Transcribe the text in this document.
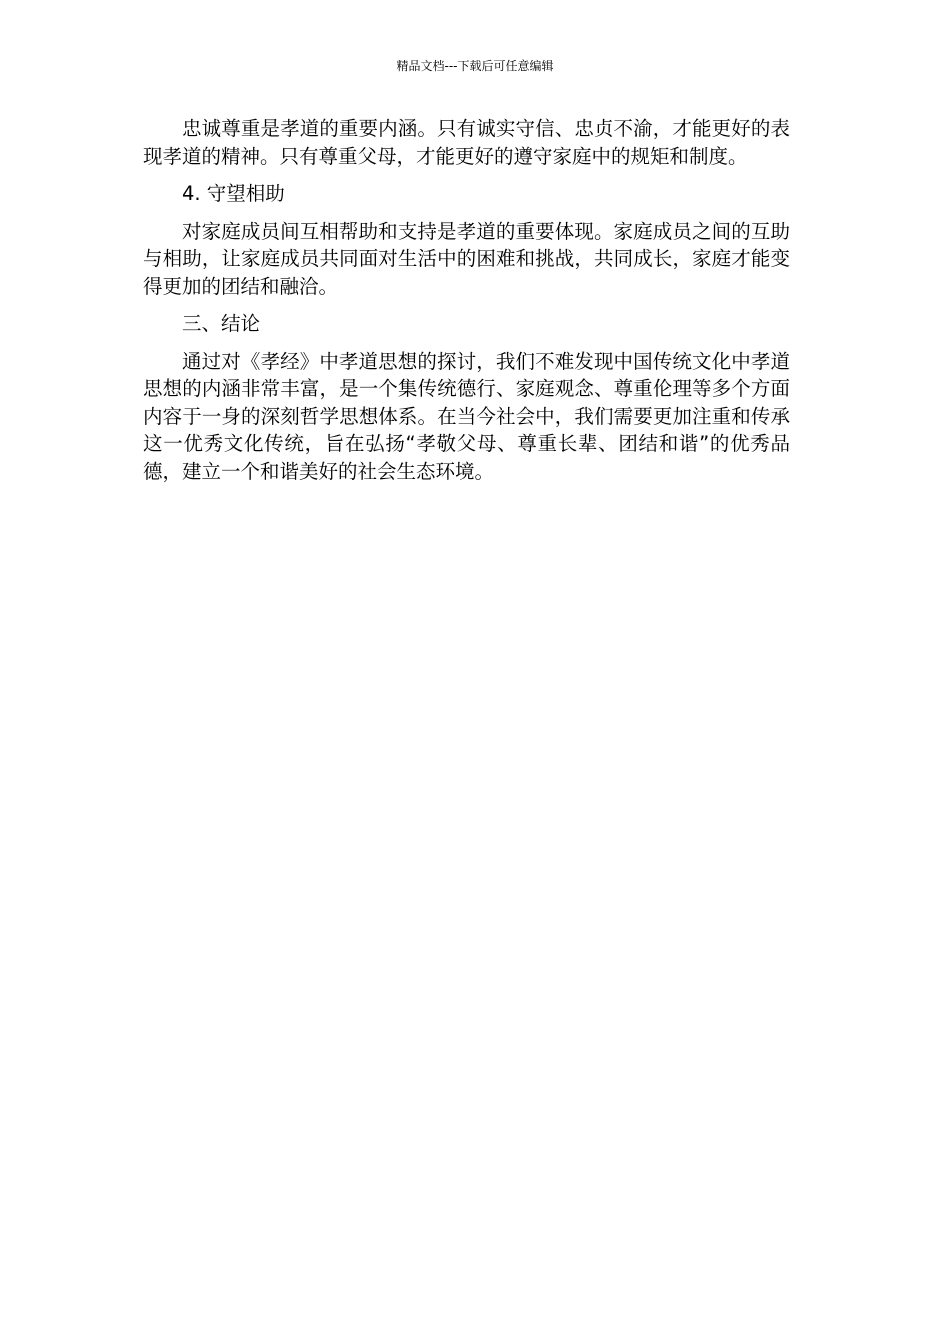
精品文档---下载后可任意编辑

忠诚尊重是孝道的重要内涵。只有诚实守信、忠贞不渝，才能更好的表现孝道的精神。只有尊重父母，才能更好的遵守家庭中的规矩和制度。

4. 守望相助

对家庭成员间互相帮助和支持是孝道的重要体现。家庭成员之间的互助与相助，让家庭成员共同面对生活中的困难和挑战，共同成长，家庭才能变得更加的团结和融洽。

三、结论

通过对《孝经》中孝道思想的探讨，我们不难发现中国传统文化中孝道思想的内涵非常丰富，是一个集传统德行、家庭观念、尊重伦理等多个方面内容于一身的深刻哲学思想体系。在当今社会中，我们需要更加注重和传承这一优秀文化传统，旨在弘扬“孝敬父母、尊重长辈、团结和谐”的优秀品德，建立一个和谐美好的社会生态环境。
